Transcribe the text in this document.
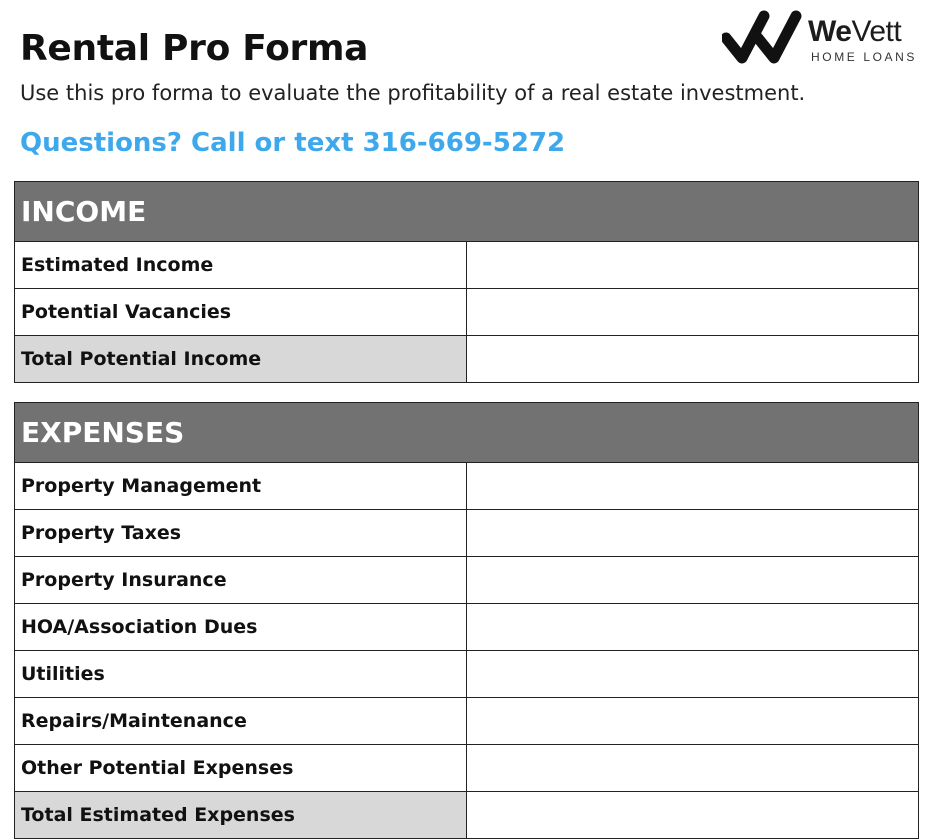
Rental Pro Forma

Use this pro forma to evaluate the profitability of a real estate investment.

Questions? Call or text 316-669-5272

WeVett
HOME LOANS
INCOME	
Estimated Income	
Potential Vacancies	
Total Potential Income	
EXPENSES	
Property Management	
Property Taxes	
Property Insurance	
HOA/Association Dues	
Utilities	
Repairs/Maintenance	
Other Potential Expenses	
Total Estimated Expenses	
